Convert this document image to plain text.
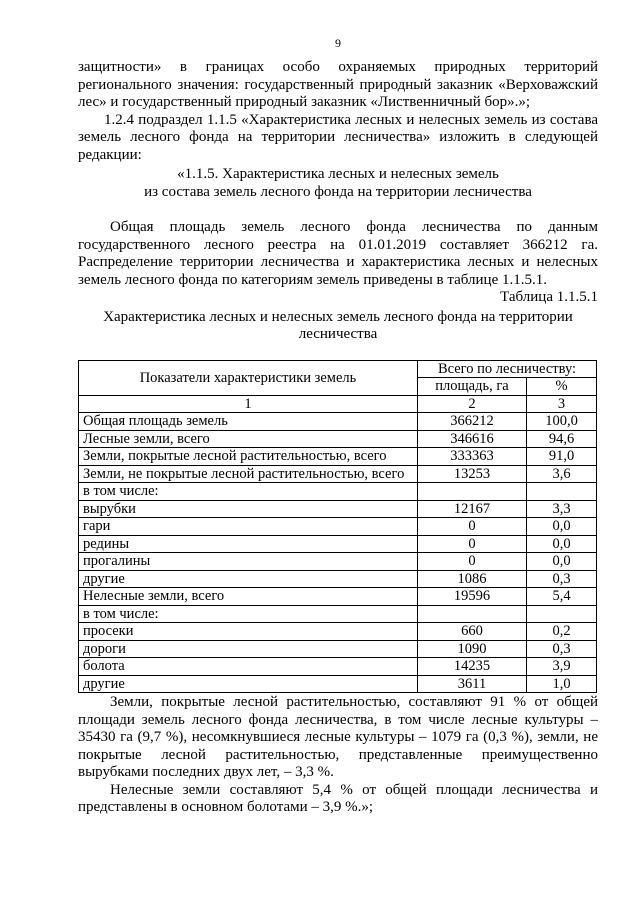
9

защитности» в границах особо охраняемых природных территорий регионального значения: государственный природный заказник «Верховажский лес» и государственный природный заказник «Лиственничный бор».»;

1.2.4 подраздел 1.1.5 «Характеристика лесных и нелесных земель из состава земель лесного фонда на территории лесничества» изложить в следующей редакции:

«1.1.5. Характеристика лесных и нелесных земель
из состава земель лесного фонда на территории лесничества

Общая площадь земель лесного фонда лесничества по данным государственного лесного реестра на 01.01.2019 составляет 366212 га. Распределение территории лесничества и характеристика лесных и нелесных земель лесного фонда по категориям земель приведены в таблице 1.1.5.1.

Таблица 1.1.5.1
Характеристика лесных и нелесных земель лесного фонда на территории лесничества
Показатели характеристики земель	Всего по лесничеству:	
	площадь, га	%
1	2	3
Общая площадь земель	366212	100,0
Лесные земли, всего	346616	94,6
Земли, покрытые лесной растительностью, всего	333363	91,0
Земли, не покрытые лесной растительностью, всего	13253	3,6
в том числе:		
вырубки	12167	3,3
гари	0	0,0
редины	0	0,0
прогалины	0	0,0
другие	1086	0,3
Нелесные земли, всего	19596	5,4
в том числе:		
просеки	660	0,2
дороги	1090	0,3
болота	14235	3,9
другие	3611	1,0

Земли, покрытые лесной растительностью, составляют 91 % от общей площади земель лесного фонда лесничества, в том числе лесные культуры – 35430 га (9,7 %), несомкнувшиеся лесные культуры – 1079 га (0,3 %), земли, не покрытые лесной растительностью, представленные преимущественно вырубками последних двух лет, – 3,3 %.

Нелесные земли составляют 5,4 % от общей площади лесничества и представлены в основном болотами – 3,9 %.»;
